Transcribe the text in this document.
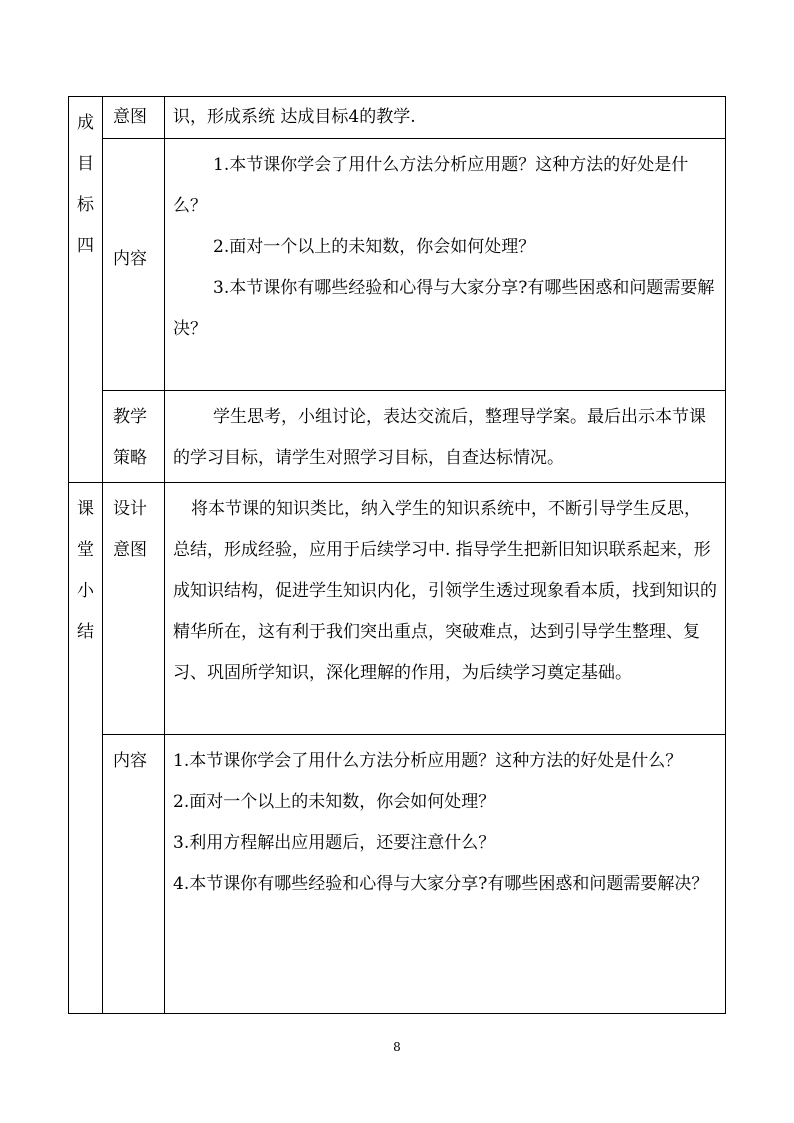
成
目
标
四	意图	识，形成系统 达成目标4的教学.

	内容	1.本节课你学会了用什么方法分析应用题？这种方法的好处是什么？

2.面对一个以上的未知数，你会如何处理？

3.本节课你有哪些经验和心得与大家分享?有哪些困惑和问题需要解决？

	教学策略	学生思考，小组讨论，表达交流后，整理导学案。最后出示本节课的学习目标，请学生对照学习目标，自查达标情况。

课
堂
小
结	设计意图	将本节课的知识类比，纳入学生的知识系统中，不断引导学生反思，总结，形成经验，应用于后续学习中. 指导学生把新旧知识联系起来，形成知识结构，促进学生知识内化，引领学生透过现象看本质，找到知识的精华所在，这有利于我们突出重点，突破难点，达到引导学生整理、复习、巩固所学知识，深化理解的作用，为后续学习奠定基础。

	内容	1.本节课你学会了用什么方法分析应用题？这种方法的好处是什么？

2.面对一个以上的未知数，你会如何处理？

3.利用方程解出应用题后，还要注意什么？

4.本节课你有哪些经验和心得与大家分享?有哪些困惑和问题需要解决？

8
